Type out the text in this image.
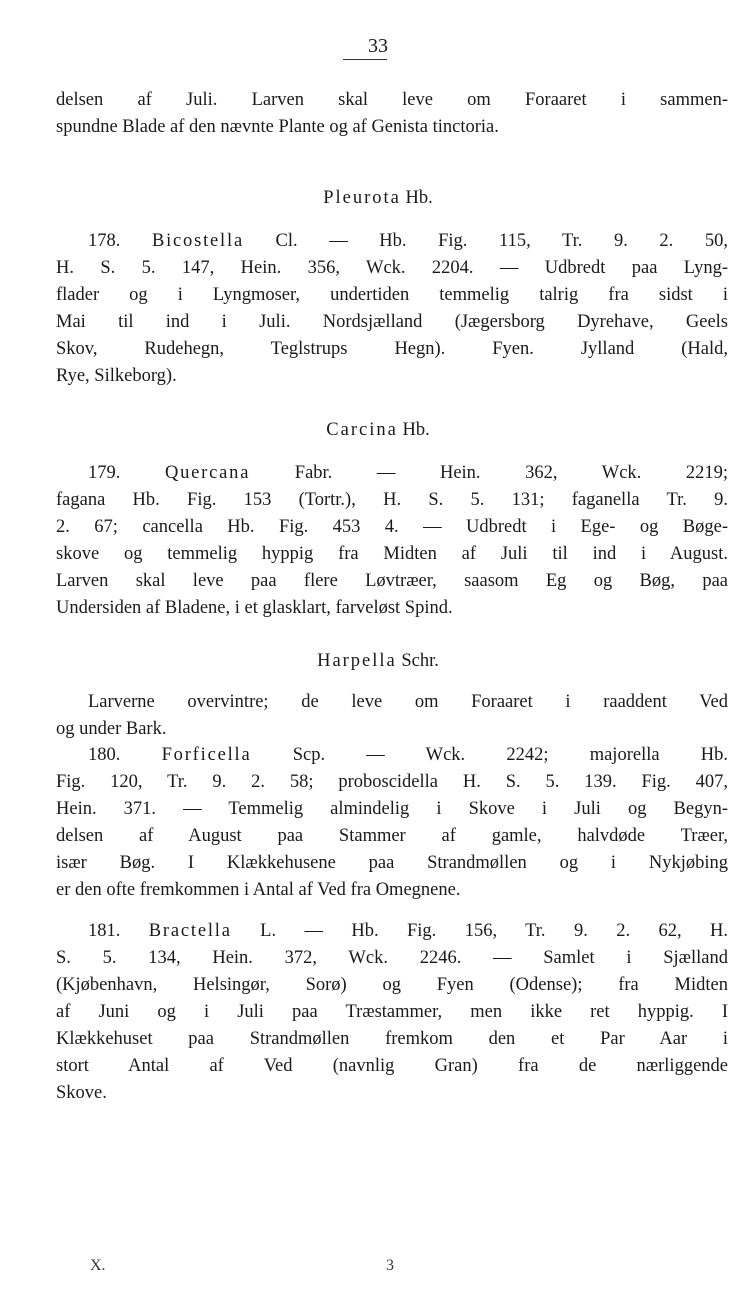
33
delsen af Juli. Larven skal leve om Foraaret i sammen-
spundne Blade af den nævnte Plante og af Genista tinctoria.
Pleurota Hb.
178. Bicostella Cl. — Hb. Fig. 115, Tr. 9. 2. 50,
H. S. 5. 147, Hein. 356, Wck. 2204. — Udbredt paa Lyng-
flader og i Lyngmoser, undertiden temmelig talrig fra sidst i
Mai til ind i Juli. Nordsjælland (Jægersborg Dyrehave, Geels
Skov, Rudehegn, Teglstrups Hegn). Fyen. Jylland (Hald,
Rye, Silkeborg).
Carcina Hb.
179. Quercana Fabr. — Hein. 362, Wck. 2219;
fagana Hb. Fig. 153 (Tortr.), H. S. 5. 131; faganella Tr. 9.
2. 67; cancella Hb. Fig. 453 4. — Udbredt i Ege- og Bøge-
skove og temmelig hyppig fra Midten af Juli til ind i August.
Larven skal leve paa flere Løvtræer, saasom Eg og Bøg, paa
Undersiden af Bladene, i et glasklart, farveløst Spind.
Harpella Schr.
Larverne overvintre; de leve om Foraaret i raaddent Ved
og under Bark.
180. Forficella Scp. — Wck. 2242; majorella Hb.
Fig. 120, Tr. 9. 2. 58; proboscidella H. S. 5. 139. Fig. 407,
Hein. 371. — Temmelig almindelig i Skove i Juli og Begyn-
delsen af August paa Stammer af gamle, halvdøde Træer,
især Bøg. I Klækkehusene paa Strandmøllen og i Nykjøbing
er den ofte fremkommen i Antal af Ved fra Omegnene.
181. Bractella L. — Hb. Fig. 156, Tr. 9. 2. 62, H.
S. 5. 134, Hein. 372, Wck. 2246. — Samlet i Sjælland
(Kjøbenhavn, Helsingør, Sorø) og Fyen (Odense); fra Midten
af Juni og i Juli paa Træstammer, men ikke ret hyppig. I
Klækkehuset paa Strandmøllen fremkom den et Par Aar i
stort Antal af Ved (navnlig Gran) fra de nærliggende
Skove.
X.	3
